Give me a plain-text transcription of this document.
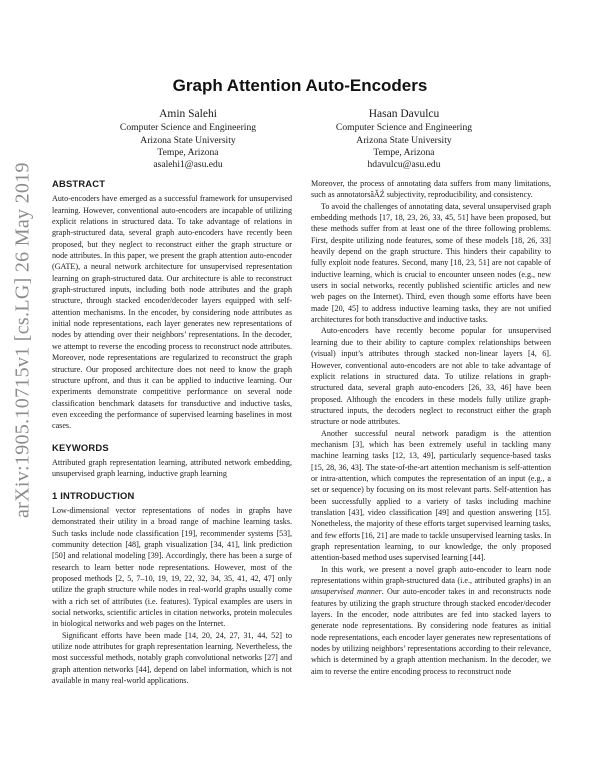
arXiv:1905.10715v1 [cs.LG] 26 May 2019
Graph Attention Auto-Encoders
Amin Salehi
Computer Science and Engineering
Arizona State University
Tempe, Arizona
asalehi1@asu.edu
Hasan Davulcu
Computer Science and Engineering
Arizona State University
Tempe, Arizona
hdavulcu@asu.edu
ABSTRACT

Auto-encoders have emerged as a successful framework for unsupervised learning. However, conventional auto-encoders are incapable of utilizing explicit relations in structured data. To take advantage of relations in graph-structured data, several graph auto-encoders have recently been proposed, but they neglect to reconstruct either the graph structure or node attributes. In this paper, we present the graph attention auto-encoder (GATE), a neural network architecture for unsupervised representation learning on graph-structured data. Our architecture is able to reconstruct graph-structured inputs, including both node attributes and the graph structure, through stacked encoder/decoder layers equipped with self-attention mechanisms. In the encoder, by considering node attributes as initial node representations, each layer generates new representations of nodes by attending over their neighbors’ representations. In the decoder, we attempt to reverse the encoding process to reconstruct node attributes. Moreover, node representations are regularized to reconstruct the graph structure. Our proposed architecture does not need to know the graph structure upfront, and thus it can be applied to inductive learning. Our experiments demonstrate competitive performance on several node classification benchmark datasets for transductive and inductive tasks, even exceeding the performance of supervised learning baselines in most cases.

KEYWORDS

Attributed graph representation learning, attributed network embedding, unsupervised graph learning, inductive graph learning

1 INTRODUCTION

Low-dimensional vector representations of nodes in graphs have demonstrated their utility in a broad range of machine learning tasks. Such tasks include node classification [19], recommender systems [53], community detection [48], graph visualization [34, 41], link prediction [50] and relational modeling [39]. Accordingly, there has been a surge of research to learn better node representations. However, most of the proposed methods [2, 5, 7–10, 19, 19, 22, 32, 34, 35, 41, 42, 47] only utilize the graph structure while nodes in real-world graphs usually come with a rich set of attributes (i.e. features). Typical examples are users in social networks, scientific articles in citation networks, protein molecules in biological networks and web pages on the Internet.

Significant efforts have been made [14, 20, 24, 27, 31, 44, 52] to utilize node attributes for graph representation learning. Nevertheless, the most successful methods, notably graph convolutional networks [27] and graph attention networks [44], depend on label information, which is not available in many real-world applications.

Moreover, the process of annotating data suffers from many limitations, such as annotatorsâĂŹ subjectivity, reproducibility, and consistency.

To avoid the challenges of annotating data, several unsupervised graph embedding methods [17, 18, 23, 26, 33, 45, 51] have been proposed, but these methods suffer from at least one of the three following problems. First, despite utilizing node features, some of these models [18, 26, 33] heavily depend on the graph structure. This hinders their capability to fully exploit node features. Second, many [18, 23, 51] are not capable of inductive learning, which is crucial to encounter unseen nodes (e.g., new users in social networks, recently published scientific articles and new web pages on the Internet). Third, even though some efforts have been made [20, 45] to address inductive learning tasks, they are not unified architectures for both transductive and inductive tasks.

Auto-encoders have recently become popular for unsupervised learning due to their ability to capture complex relationships between (visual) input’s attributes through stacked non-linear layers [4, 6]. However, conventional auto-encoders are not able to take advantage of explicit relations in structured data. To utilize relations in graph-structured data, several graph auto-encoders [26, 33, 46] have been proposed. Although the encoders in these models fully utilize graph-structured inputs, the decoders neglect to reconstruct either the graph structure or node attributes.

Another successful neural network paradigm is the attention mechanism [3], which has been extremely useful in tackling many machine learning tasks [12, 13, 49], particularly sequence-based tasks [15, 28, 36, 43]. The state-of-the-art attention mechanism is self-attention or intra-attention, which computes the representation of an input (e.g., a set or sequence) by focusing on its most relevant parts. Self-attention has been successfully applied to a variety of tasks including machine translation [43], video classification [49] and question answering [15]. Nonetheless, the majority of these efforts target supervised learning tasks, and few efforts [16, 21] are made to tackle unsupervised learning tasks. In graph representation learning, to our knowledge, the only proposed attention-based method uses supervised learning [44].

In this work, we present a novel graph auto-encoder to learn node representations within graph-structured data (i.e., attributed graphs) in an unsupervised manner. Our auto-encoder takes in and reconstructs node features by utilizing the graph structure through stacked encoder/decoder layers. In the encoder, node attributes are fed into stacked layers to generate node representations. By considering node features as initial node representations, each encoder layer generates new representations of nodes by utilizing neighbors’ representations according to their relevance, which is determined by a graph attention mechanism. In the decoder, we aim to reverse the entire encoding process to reconstruct node
